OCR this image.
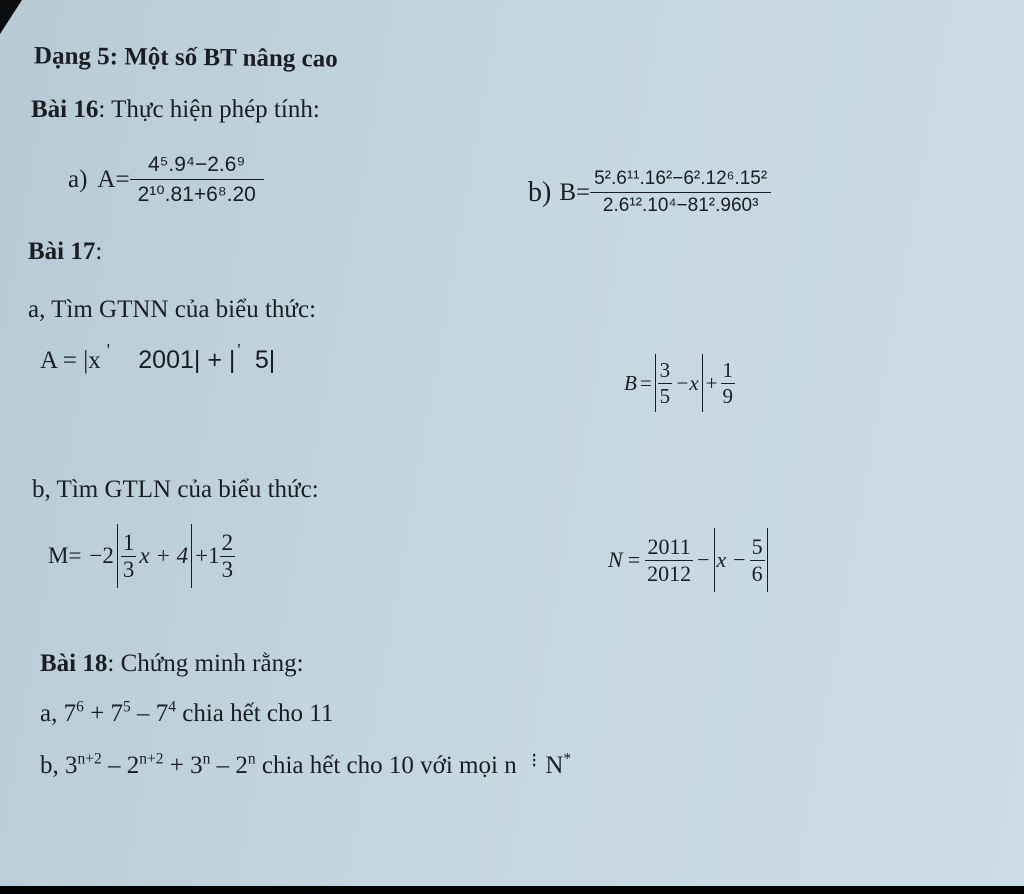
Dạng 5: Một số BT nâng cao
Bài 16: Thực hiện phép tính:
a) $A= \frac{\text{4⁵.9⁴−2.6⁹}}{\text{2¹⁰.81+6⁸.20}}$	b) $B= \frac{\text{5².6¹¹.16²−6².12⁶.15²}}{\text{2.6¹².10⁴−81².960³}}$
Bài 17:
a, Tìm GTNN của biểu thức:
A = |x ' 2001| + | ' 5|
$B = \frac{3}{5} -x + \frac{1}{9}$
b, Tìm GTLN của biểu thức:
$M= -2 \frac{1}{3}$ $x + 4 +1 \frac{2}{3}$	$N = \frac{2011}{2012} - x - \frac{5}{6}$
Bài 18: Chứng minh rằng:
a, $7^6 + 7^5 - 7^4$ chia hết cho 11
b, $3^{n+2} - 2^{n+2} + 3^n - 2^n$ chia hết cho 10 với mọi n ⁝ N*
